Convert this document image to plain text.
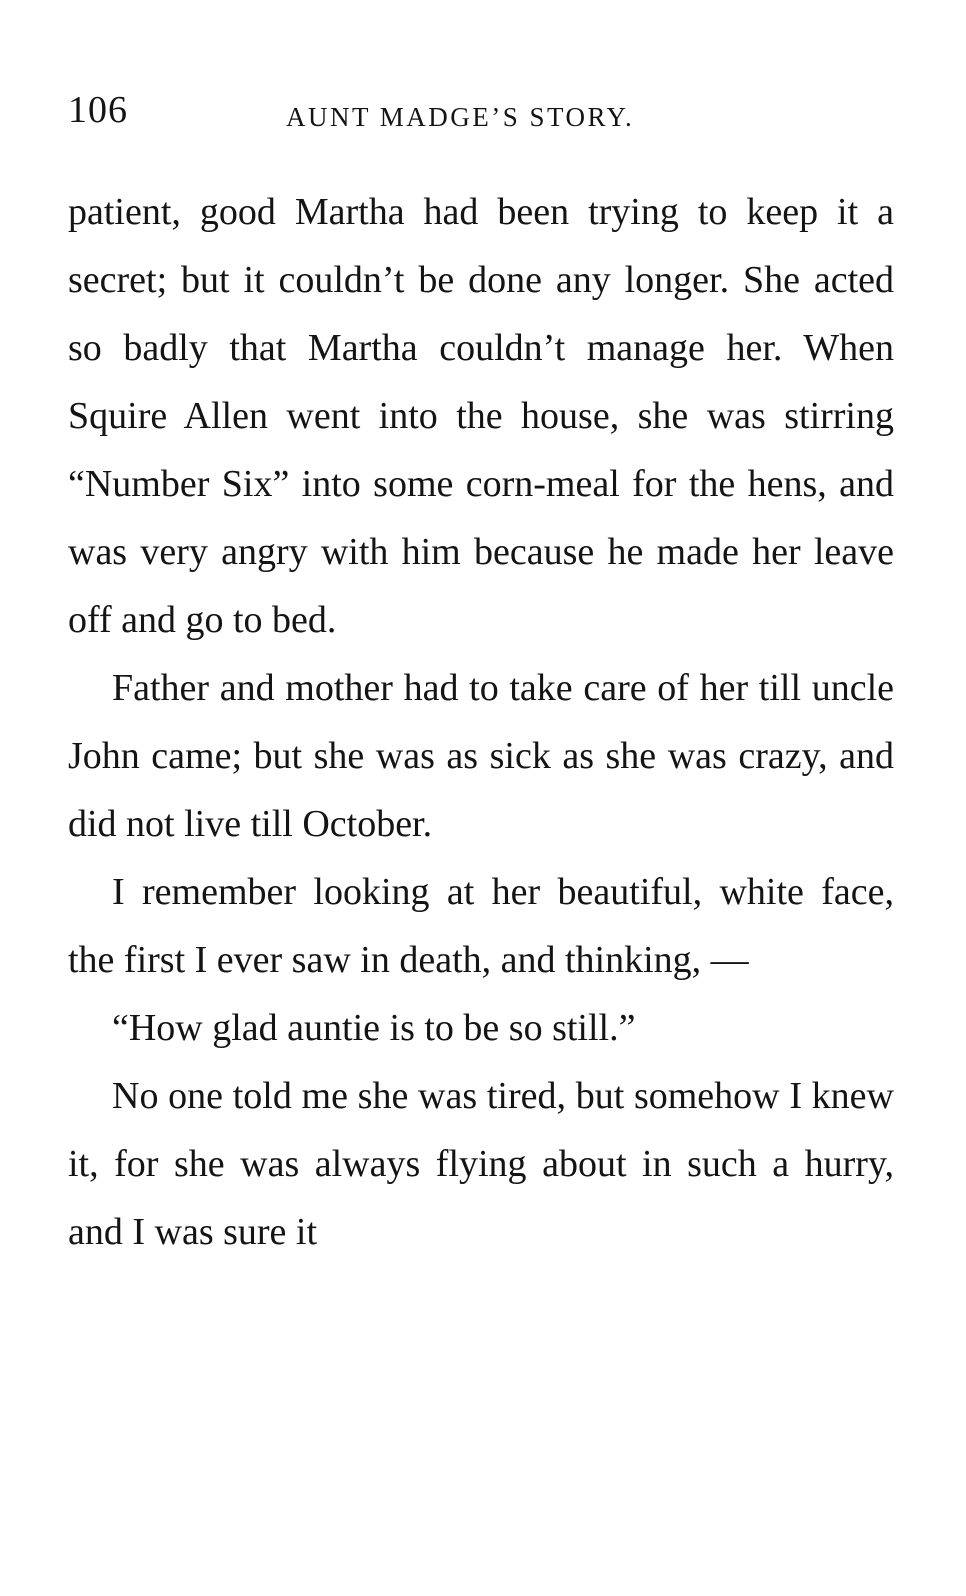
106	AUNT MADGE’S STORY.

patient, good Martha had been trying to keep it a secret; but it couldn’t be done any longer. She acted so badly that Martha couldn’t manage her. When Squire Allen went into the house, she was stirring “Number Six” into some corn-meal for the hens, and was very angry with him because he made her leave off and go to bed.

Father and mother had to take care of her till uncle John came; but she was as sick as she was crazy, and did not live till October.

I remember looking at her beautiful, white face, the first I ever saw in death, and thinking, —

“How glad auntie is to be so still.”

No one told me she was tired, but somehow I knew it, for she was always flying about in such a hurry, and I was sure it
